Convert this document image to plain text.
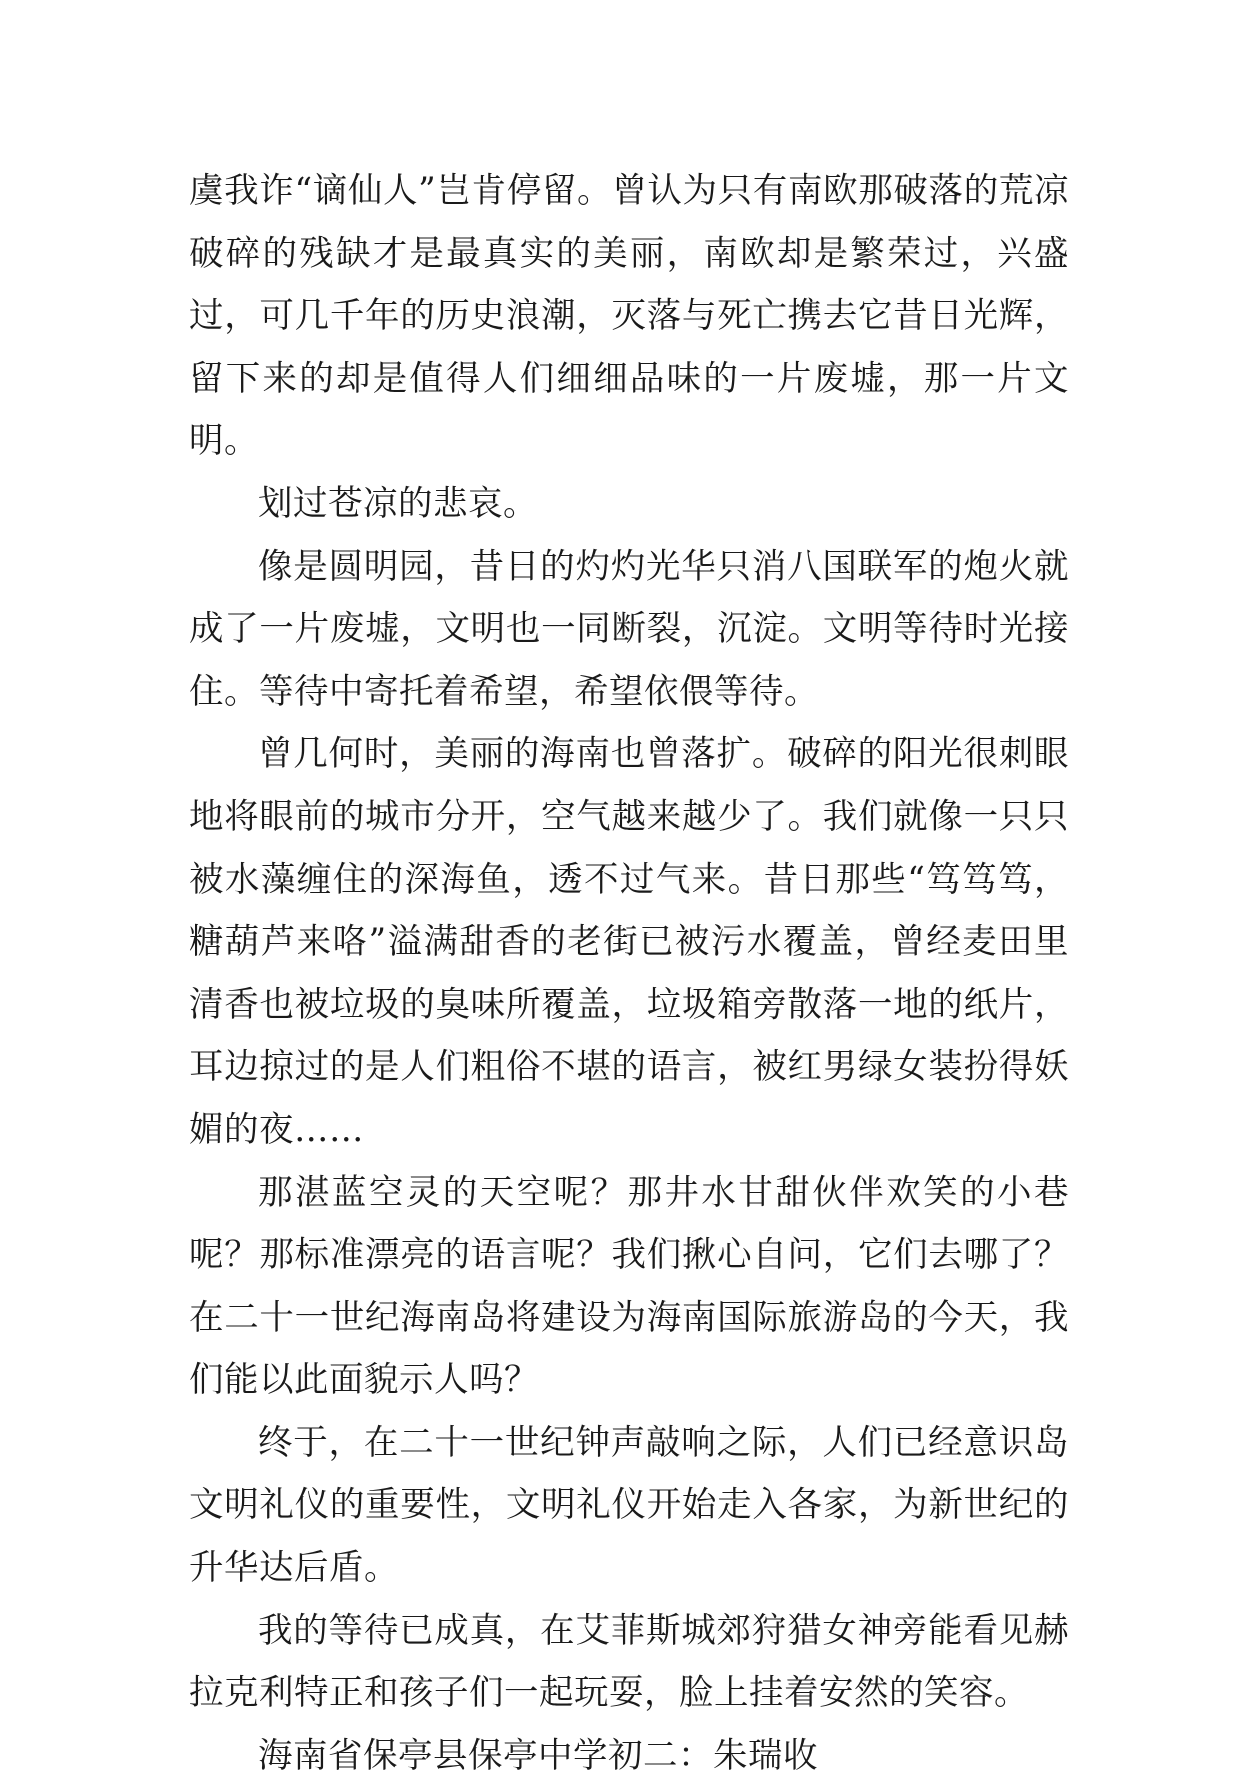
虞我诈“谪仙人”岂肯停留。曾认为只有南欧那破落的荒凉破碎的残缺才是最真实的美丽，南欧却是繁荣过，兴盛过，可几千年的历史浪潮，灭落与死亡携去它昔日光辉，留下来的却是值得人们细细品味的一片废墟，那一片文明。

划过苍凉的悲哀。

像是圆明园，昔日的灼灼光华只消八国联军的炮火就成了一片废墟，文明也一同断裂，沉淀。文明等待时光接住。等待中寄托着希望，希望依偎等待。

曾几何时，美丽的海南也曾落扩。破碎的阳光很刺眼地将眼前的城市分开，空气越来越少了。我们就像一只只被水藻缠住的深海鱼，透不过气来。昔日那些“笃笃笃，糖葫芦来咯”溢满甜香的老街已被污水覆盖，曾经麦田里清香也被垃圾的臭味所覆盖，垃圾箱旁散落一地的纸片，耳边掠过的是人们粗俗不堪的语言，被红男绿女装扮得妖媚的夜……

那湛蓝空灵的天空呢？那井水甘甜伙伴欢笑的小巷呢？那标准漂亮的语言呢？我们揪心自问，它们去哪了？在二十一世纪海南岛将建设为海南国际旅游岛的今天，我们能以此面貌示人吗？

终于，在二十一世纪钟声敲响之际，人们已经意识岛文明礼仪的重要性，文明礼仪开始走入各家，为新世纪的升华达后盾。

我的等待已成真，在艾菲斯城郊狩猎女神旁能看见赫拉克利特正和孩子们一起玩耍，脸上挂着安然的笑容。

海南省保亭县保亭中学初二：朱瑞收
